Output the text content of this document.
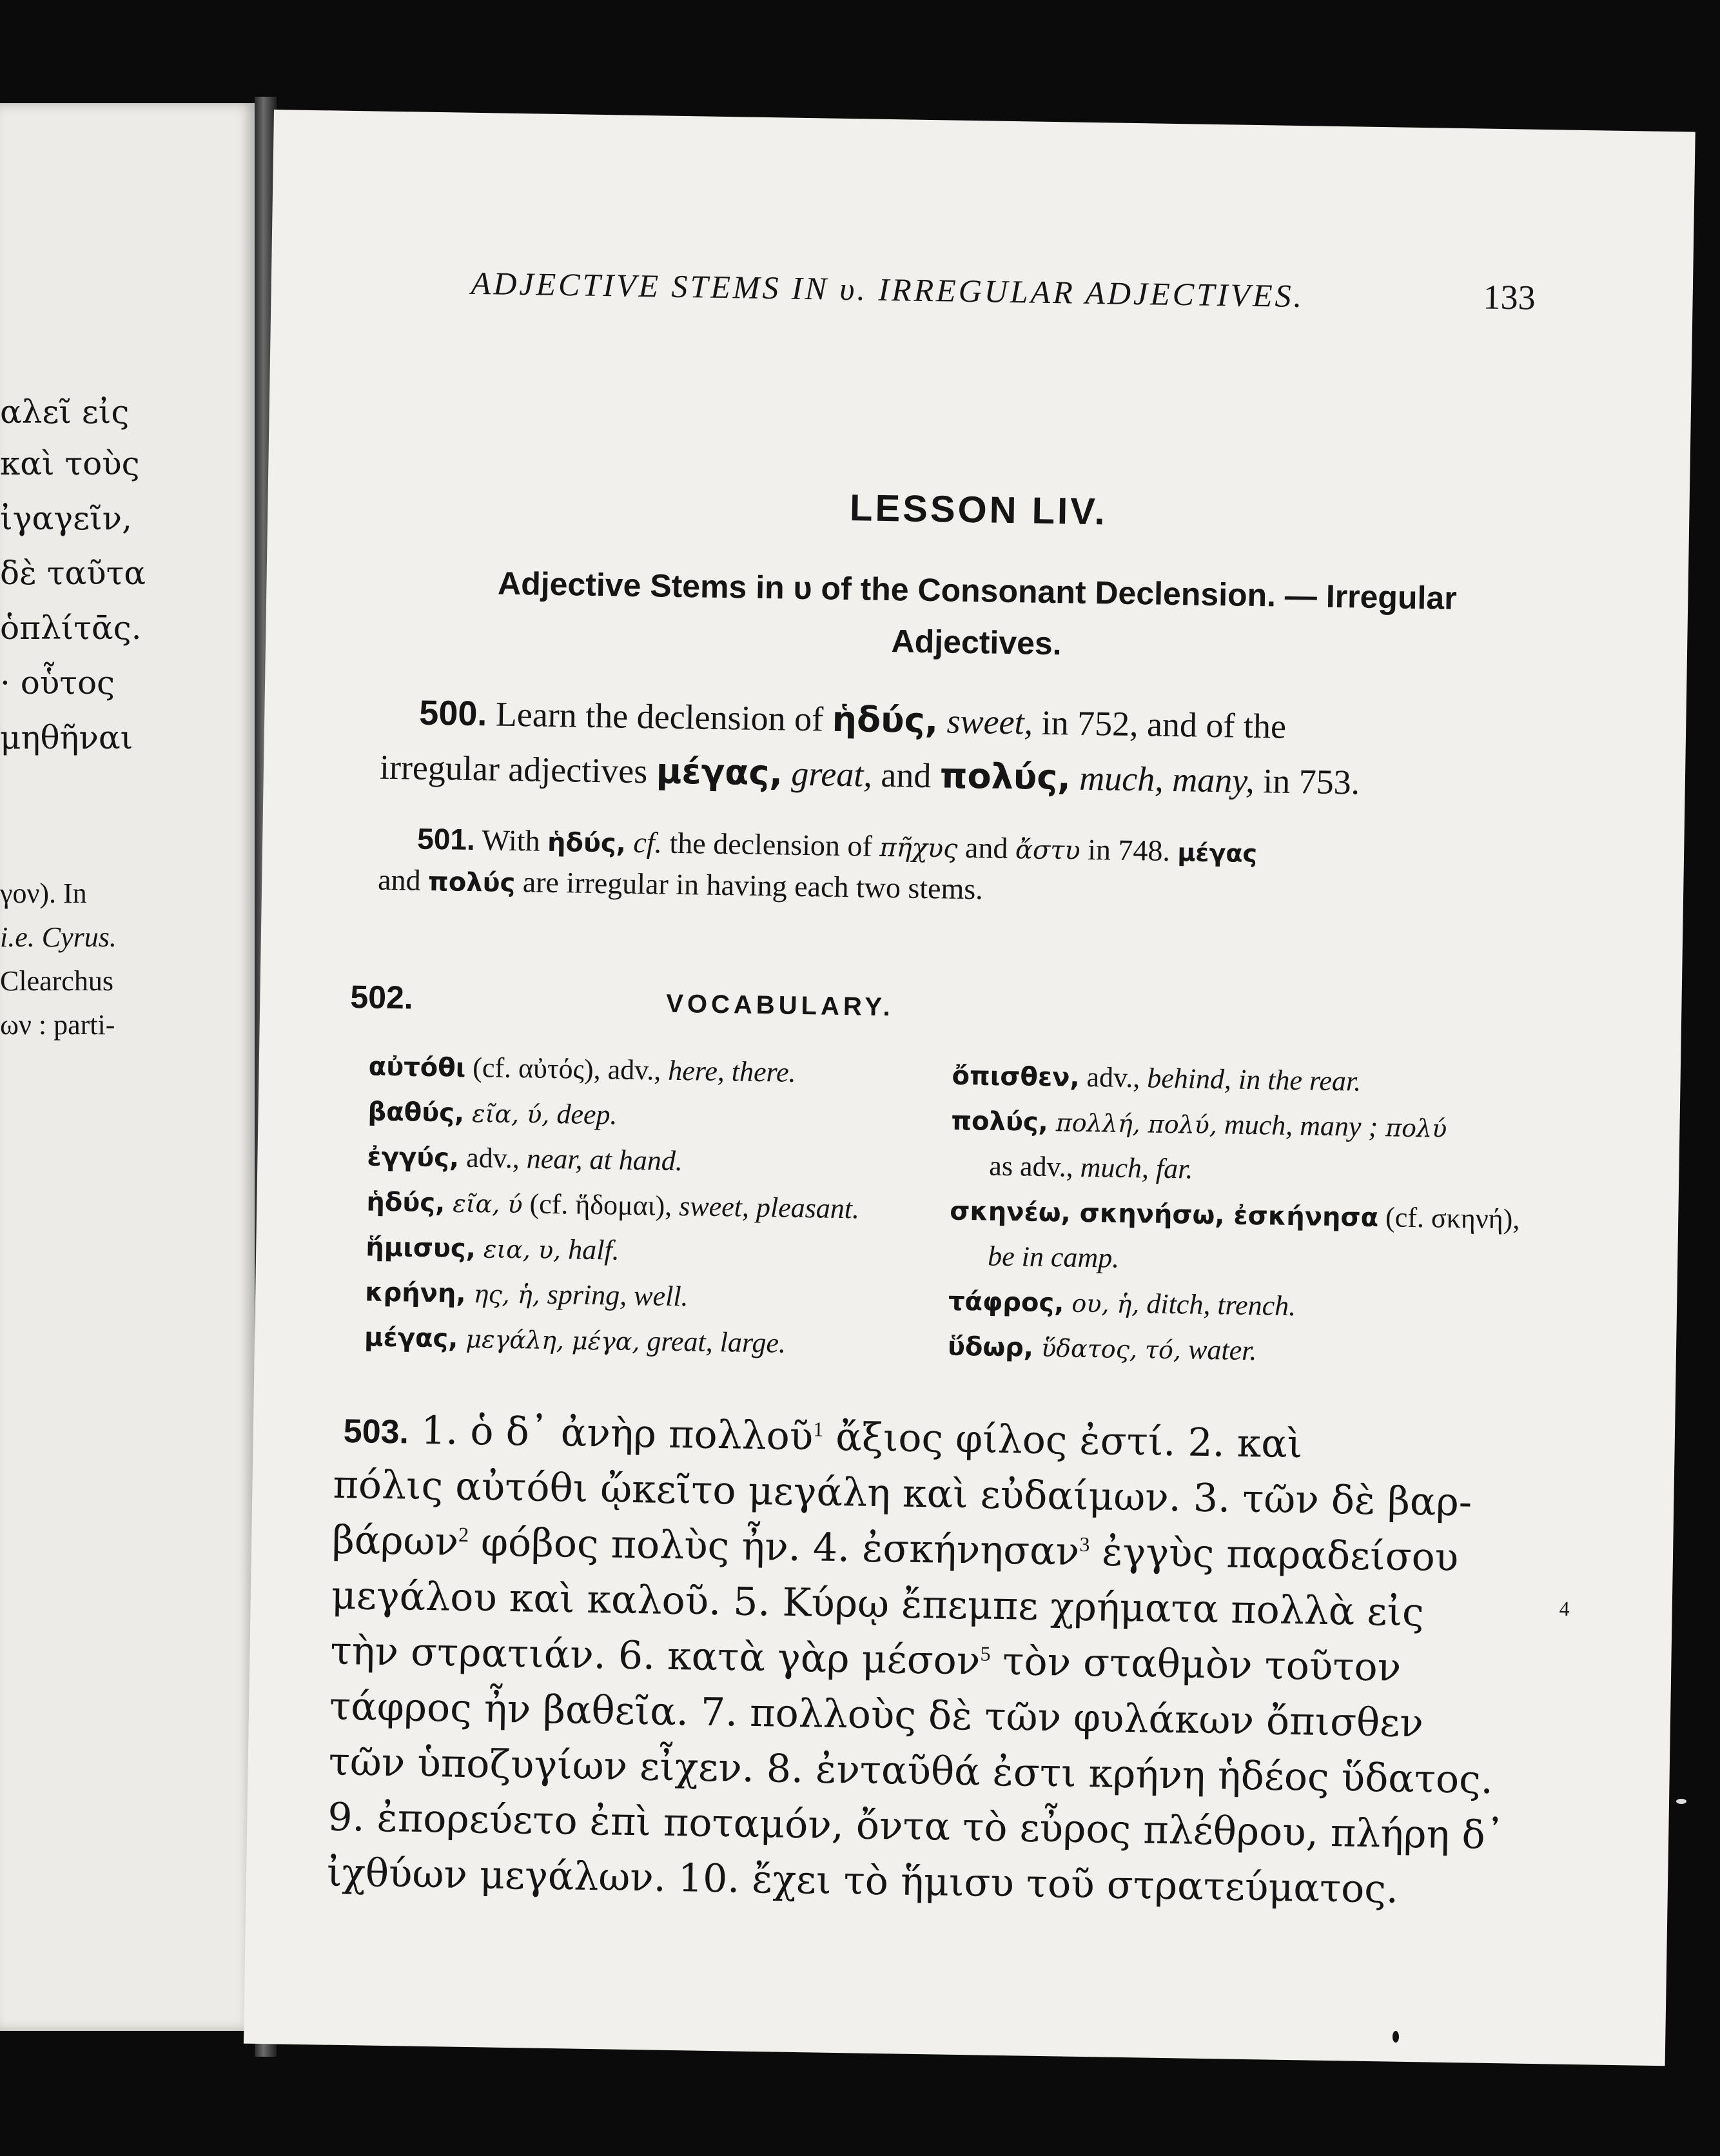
αλεῖ εἰς
καὶ τοὺς
ἰγαγεῖν,
δὲ ταῦτα
ὁπλίτᾱς.
· οὗτος
μηθῆναι
γον). In
i.e. Cyrus.
Clearchus
ων : parti-
ADJECTIVE STEMS IN υ. IRREGULAR ADJECTIVES.	133
LESSON LIV.
Adjective Stems in υ of the Consonant Declension. — Irregular
Adjectives.
500. Learn the declension of ἡδύς, sweet, in 752, and of the
irregular adjectives μέγας, great, and πολύς, much, many, in 753.
501. With ἡδύς, cf. the declension of πῆχυς and ἄστυ in 748. μέγας
and πολύς are irregular in having each two stems.
502.	VOCABULARY.
αὐτόθι (cf. αὐτός), adv., here, there.
βαθύς, εῖα, ύ, deep.
ἐγγύς, adv., near, at hand.
ἡδύς, εῖα, ύ (cf. ἥδομαι), sweet, pleasant.
ἥμισυς, εια, υ, half.
κρήνη, ης, ἡ, spring, well.
μέγας, μεγάλη, μέγα, great, large.
ὄπισθεν, adv., behind, in the rear.
πολύς, πολλή, πολύ, much, many ; πολύ
as adv., much, far.
σκηνέω, σκηνήσω, ἐσκήνησα (cf. σκηνή),
be in camp.
τάφρος, ου, ἡ, ditch, trench.
ὕδωρ, ὕδατος, τό, water.
503. 1. ὁ δ᾽ ἀνὴρ πολλοῦ$^1$ ἄξιος φίλος ἐστί. 2. καὶ
πόλις αὐτόθι ᾤκεῖτο μεγάλη καὶ εὐδαίμων. 3. τῶν δὲ βαρ-
βάρων$^2$ φόβος πολὺς ἦν. 4. ἐσκήνησαν$^3$ ἐγγὺς παραδείσου
μεγάλου καὶ καλοῦ. 5. Κύρῳ ἔπεμπε χρήματα πολλὰ εἰς
τὴν στρατιάν. 6. κατὰ γὰρ μέσον$^5$ τὸν σταθμὸν τοῦτον
τάφρος ἦν βαθεῖα. 7. πολλοὺς δὲ τῶν φυλάκων ὄπισθεν
τῶν ὑποζυγίων εἶχεν. 8. ἐνταῦθά ἐστι κρήνη ἡδέος ὕδατος.
9. ἐπορεύετο ἐπὶ ποταμόν, ὄντα τὸ εὖρος πλέθρου, πλήρη δ᾽
ἰχθύων μεγάλων. 10. ἔχει τὸ ἥμισυ τοῦ στρατεύματος.
$^4$
